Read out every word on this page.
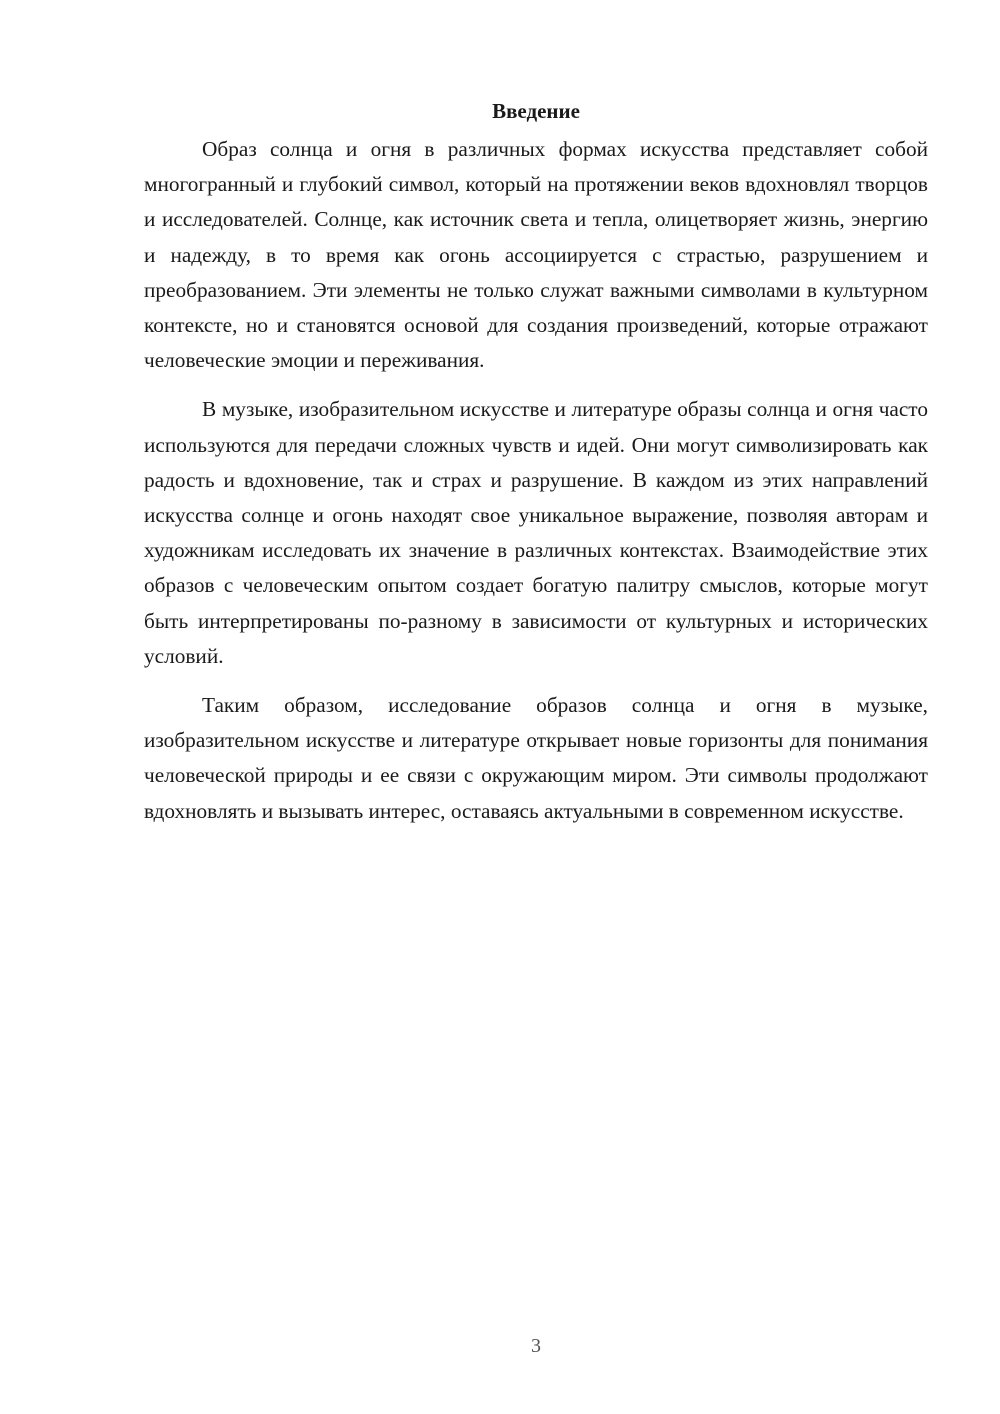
Введение

Образ солнца и огня в различных формах искусства представляет собой многогранный и глубокий символ, который на протяжении веков вдохновлял творцов и исследователей. Солнце, как источник света и тепла, олицетворяет жизнь, энергию и надежду, в то время как огонь ассоциируется с страстью, разрушением и преобразованием. Эти элементы не только служат важными символами в культурном контексте, но и становятся основой для создания произведений, которые отражают человеческие эмоции и переживания.

В музыке, изобразительном искусстве и литературе образы солнца и огня часто используются для передачи сложных чувств и идей. Они могут символизировать как радость и вдохновение, так и страх и разрушение. В каждом из этих направлений искусства солнце и огонь находят свое уникальное выражение, позволяя авторам и художникам исследовать их значение в различных контекстах. Взаимодействие этих образов с человеческим опытом создает богатую палитру смыслов, которые могут быть интерпретированы по-разному в зависимости от культурных и исторических условий.

Таким образом, исследование образов солнца и огня в музыке, изобразительном искусстве и литературе открывает новые горизонты для понимания человеческой природы и ее связи с окружающим миром. Эти символы продолжают вдохновлять и вызывать интерес, оставаясь актуальными в современном искусстве.

3
